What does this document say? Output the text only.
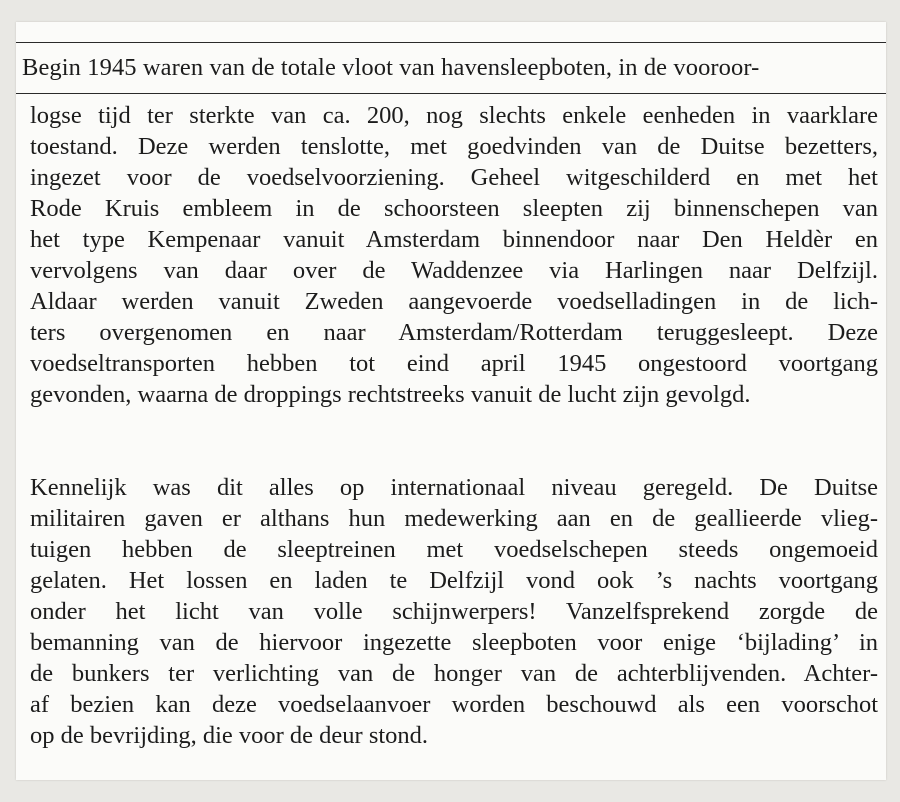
Begin 1945 waren van de totale vloot van havensleepboten, in de vooroor-
logse tijd ter sterkte van ca. 200, nog slechts enkele eenheden in vaarklare
toestand. Deze werden tenslotte, met goedvinden van de Duitse bezetters,
ingezet voor de voedselvoorziening. Geheel witgeschilderd en met het
Rode Kruis embleem in de schoorsteen sleepten zij binnenschepen van
het type Kempenaar vanuit Amsterdam binnendoor naar Den Heldèr en
vervolgens van daar over de Waddenzee via Harlingen naar Delfzijl.
Aldaar werden vanuit Zweden aangevoerde voedselladingen in de lich-
ters overgenomen en naar Amsterdam/Rotterdam teruggesleept. Deze
voedseltransporten hebben tot eind april 1945 ongestoord voortgang
gevonden, waarna de droppings rechtstreeks vanuit de lucht zijn gevolgd.
Kennelijk was dit alles op internationaal niveau geregeld. De Duitse
militairen gaven er althans hun medewerking aan en de geallieerde vlieg-
tuigen hebben de sleeptreinen met voedselschepen steeds ongemoeid
gelaten. Het lossen en laden te Delfzijl vond ook ’s nachts voortgang
onder het licht van volle schijnwerpers! Vanzelfsprekend zorgde de
bemanning van de hiervoor ingezette sleepboten voor enige ‘bijlading’ in
de bunkers ter verlichting van de honger van de achterblijvenden. Achter-
af bezien kan deze voedselaanvoer worden beschouwd als een voorschot
op de bevrijding, die voor de deur stond.
